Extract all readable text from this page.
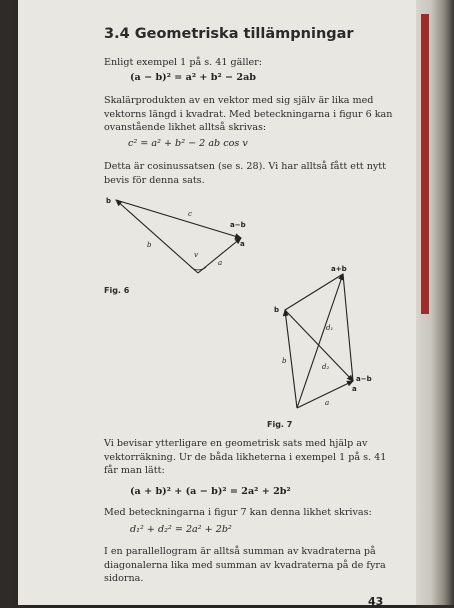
3.4 Geometriska tillämpningar

Enligt exempel 1 på s. 41 gäller:

(a − b)² = a² + b² − 2ab

Skalärprodukten av en vektor med sig själv är lika med vektorns längd i kvadrat. Med beteckningarna i figur 6 kan ovanstående likhet alltså skrivas:

c² = a² + b² − 2 ab cos v

Detta är cosinussatsen (se s. 28). Vi har alltså fått ett nytt bevis för denna sats.

b
a
a−b
c
b
a
v
Fig. 6
a+b
b
a−b
a
d₁
d₂
b
a
Fig. 7

Vi bevisar ytterligare en geometrisk sats med hjälp av vektorräkning. Ur de båda likheterna i exempel 1 på s. 41 får man lätt:

(a + b)² + (a − b)² = 2a² + 2b²

Med beteckningarna i figur 7 kan denna likhet skrivas:

d₁² + d₂² = 2a² + 2b²

I en parallellogram är alltså summan av kvadraterna på diagonalerna lika med summan av kvadraterna på de fyra sidorna.

43
